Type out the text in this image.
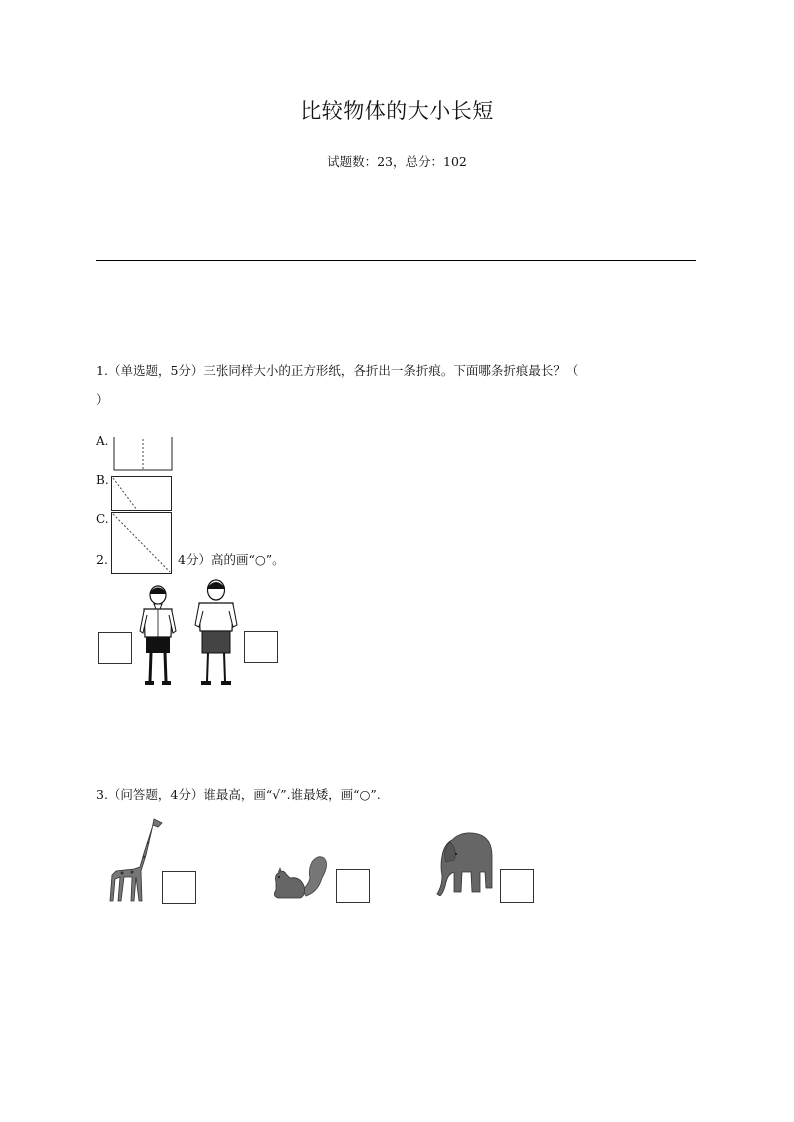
比较物体的大小长短
试题数：23，总分：102
1.（单选题，5分）三张同样大小的正方形纸，各折出一条折痕。下面哪条折痕最长？（
）
A.
B.
C.
2.	4分）高的画“○”。
3.（问答题，4分）谁最高，画“√”.谁最矮，画“○”.
